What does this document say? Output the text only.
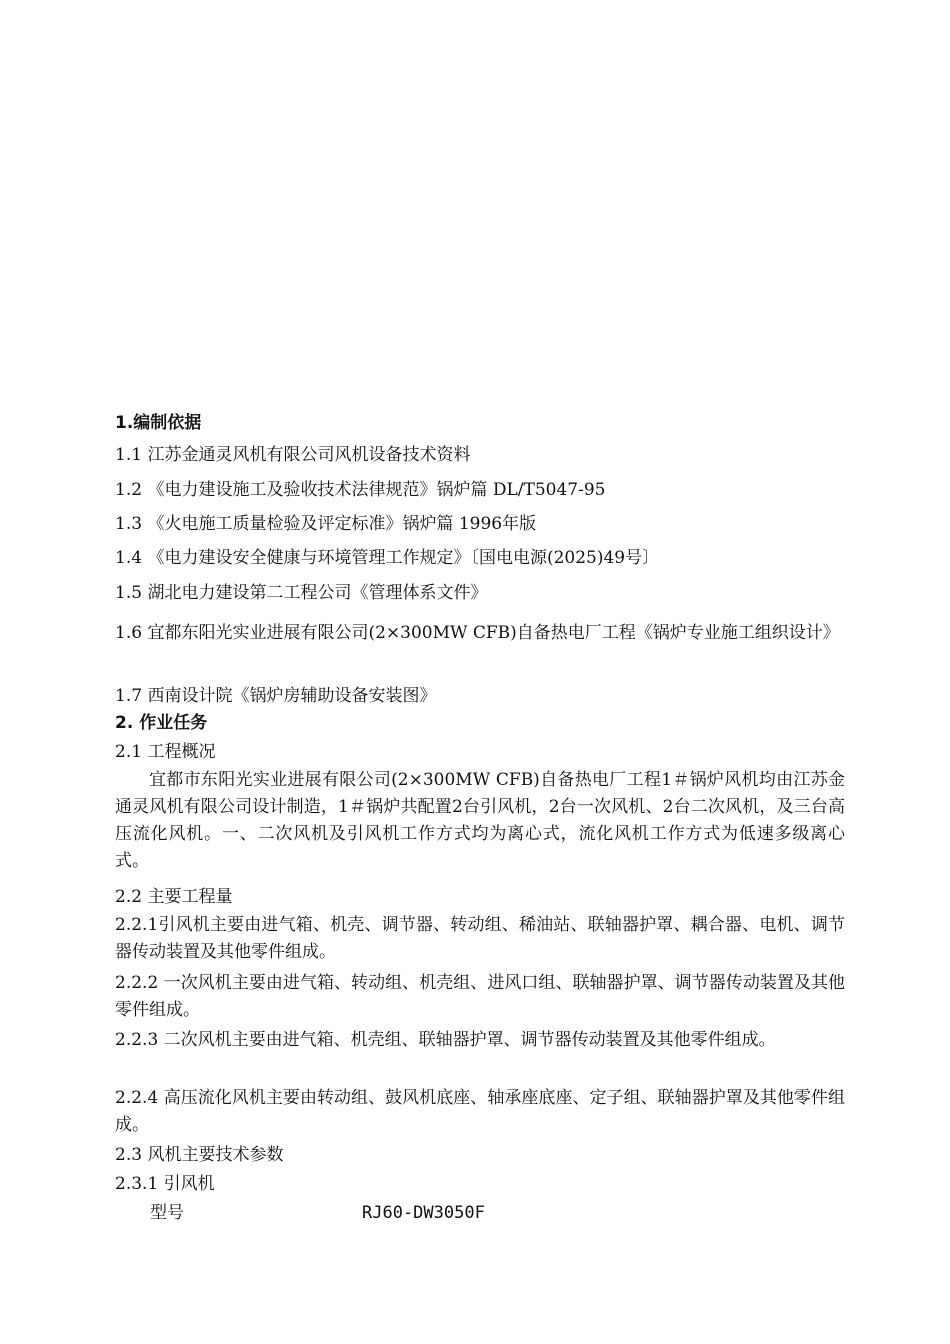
1.编制依据
1.1 江苏金通灵风机有限公司风机设备技术资料
1.2 《电力建设施工及验收技术法律规范》锅炉篇 DL/T5047-95
1.3 《火电施工质量检验及评定标准》锅炉篇 1996年版
1.4 《电力建设安全健康与环境管理工作规定》〔国电电源(2025)49号〕
1.5 湖北电力建设第二工程公司《管理体系文件》
1.6 宜都东阳光实业进展有限公司(2×300MW CFB)自备热电厂工程《锅炉专业施工组织设计》
1.7 西南设计院《锅炉房辅助设备安装图》
2. 作业任务
2.1 工程概况
宜都市东阳光实业进展有限公司(2×300MW CFB)自备热电厂工程1＃锅炉风机均由江苏金通灵风机有限公司设计制造，1＃锅炉共配置2台引风机，2台一次风机、2台二次风机，及三台高压流化风机。一、二次风机及引风机工作方式均为离心式，流化风机工作方式为低速多级离心式。
2.2 主要工程量
2.2.1引风机主要由进气箱、机壳、调节器、转动组、稀油站、联轴器护罩、耦合器、电机、调节器传动装置及其他零件组成。
2.2.2 一次风机主要由进气箱、转动组、机壳组、进风口组、联轴器护罩、调节器传动装置及其他零件组成。
2.2.3 二次风机主要由进气箱、机壳组、联轴器护罩、调节器传动装置及其他零件组成。
2.2.4 高压流化风机主要由转动组、鼓风机底座、轴承座底座、定子组、联轴器护罩及其他零件组成。
2.3 风机主要技术参数
2.3.1 引风机
型号	RJ60-DW3050F
